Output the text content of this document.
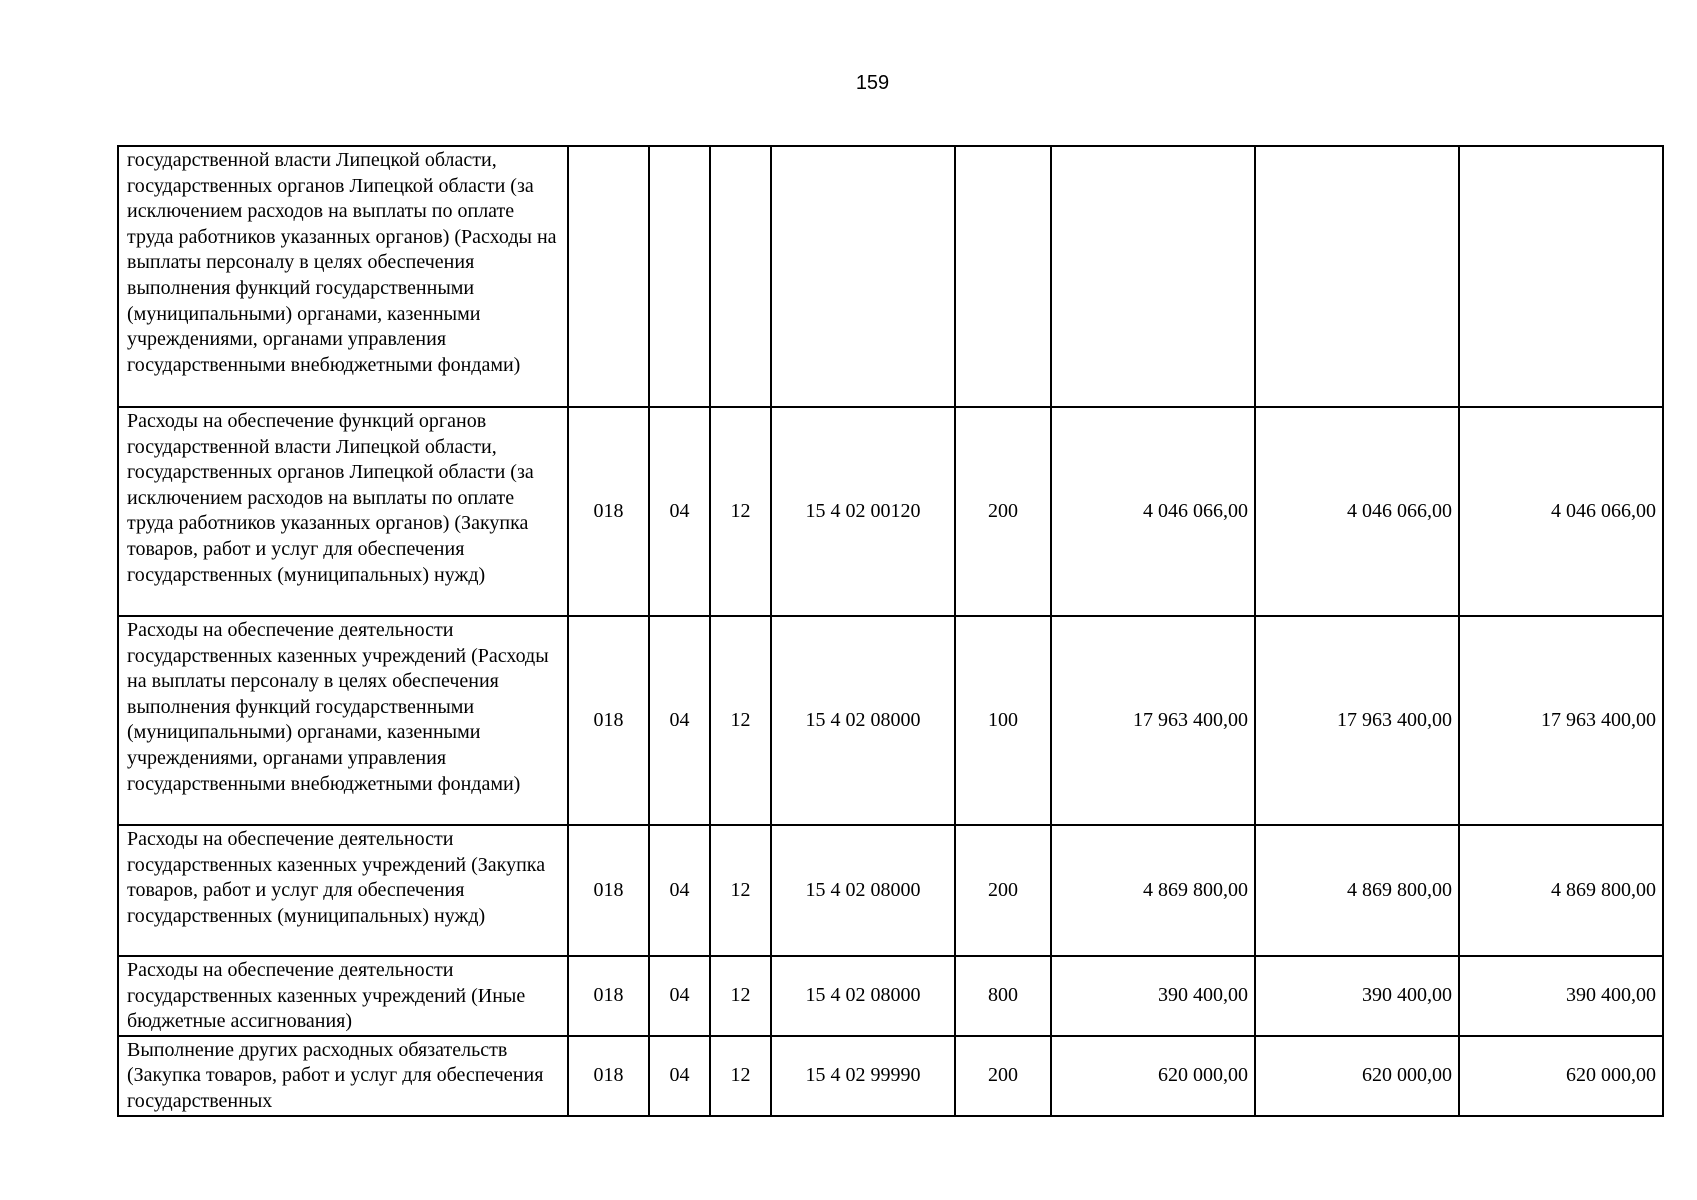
159
государственной власти Липецкой области, государственных органов Липецкой области (за исключением расходов на выплаты по оплате труда работников указанных органов) (Расходы на выплаты персоналу в целях обеспечения выполнения функций государственными (муниципальными) органами, казенными учреждениями, органами управления государственными внебюджетными фондами)								
Расходы на обеспечение функций органов государственной власти Липецкой области, государственных органов Липецкой области (за исключением расходов на выплаты по оплате труда работников указанных органов) (Закупка товаров, работ и услуг для обеспечения государственных (муниципальных) нужд)	018	04	12	15 4 02 00120	200	4 046 066,00	4 046 066,00	4 046 066,00
Расходы на обеспечение деятельности государственных казенных учреждений (Расходы на выплаты персоналу в целях обеспечения выполнения функций государственными (муниципальными) органами, казенными учреждениями, органами управления государственными внебюджетными фондами)	018	04	12	15 4 02 08000	100	17 963 400,00	17 963 400,00	17 963 400,00
Расходы на обеспечение деятельности государственных казенных учреждений (Закупка товаров, работ и услуг для обеспечения государственных (муниципальных) нужд)	018	04	12	15 4 02 08000	200	4 869 800,00	4 869 800,00	4 869 800,00
Расходы на обеспечение деятельности государственных казенных учреждений (Иные бюджетные ассигнования)	018	04	12	15 4 02 08000	800	390 400,00	390 400,00	390 400,00
Выполнение других расходных обязательств (Закупка товаров, работ и услуг для обеспечения государственных	018	04	12	15 4 02 99990	200	620 000,00	620 000,00	620 000,00
